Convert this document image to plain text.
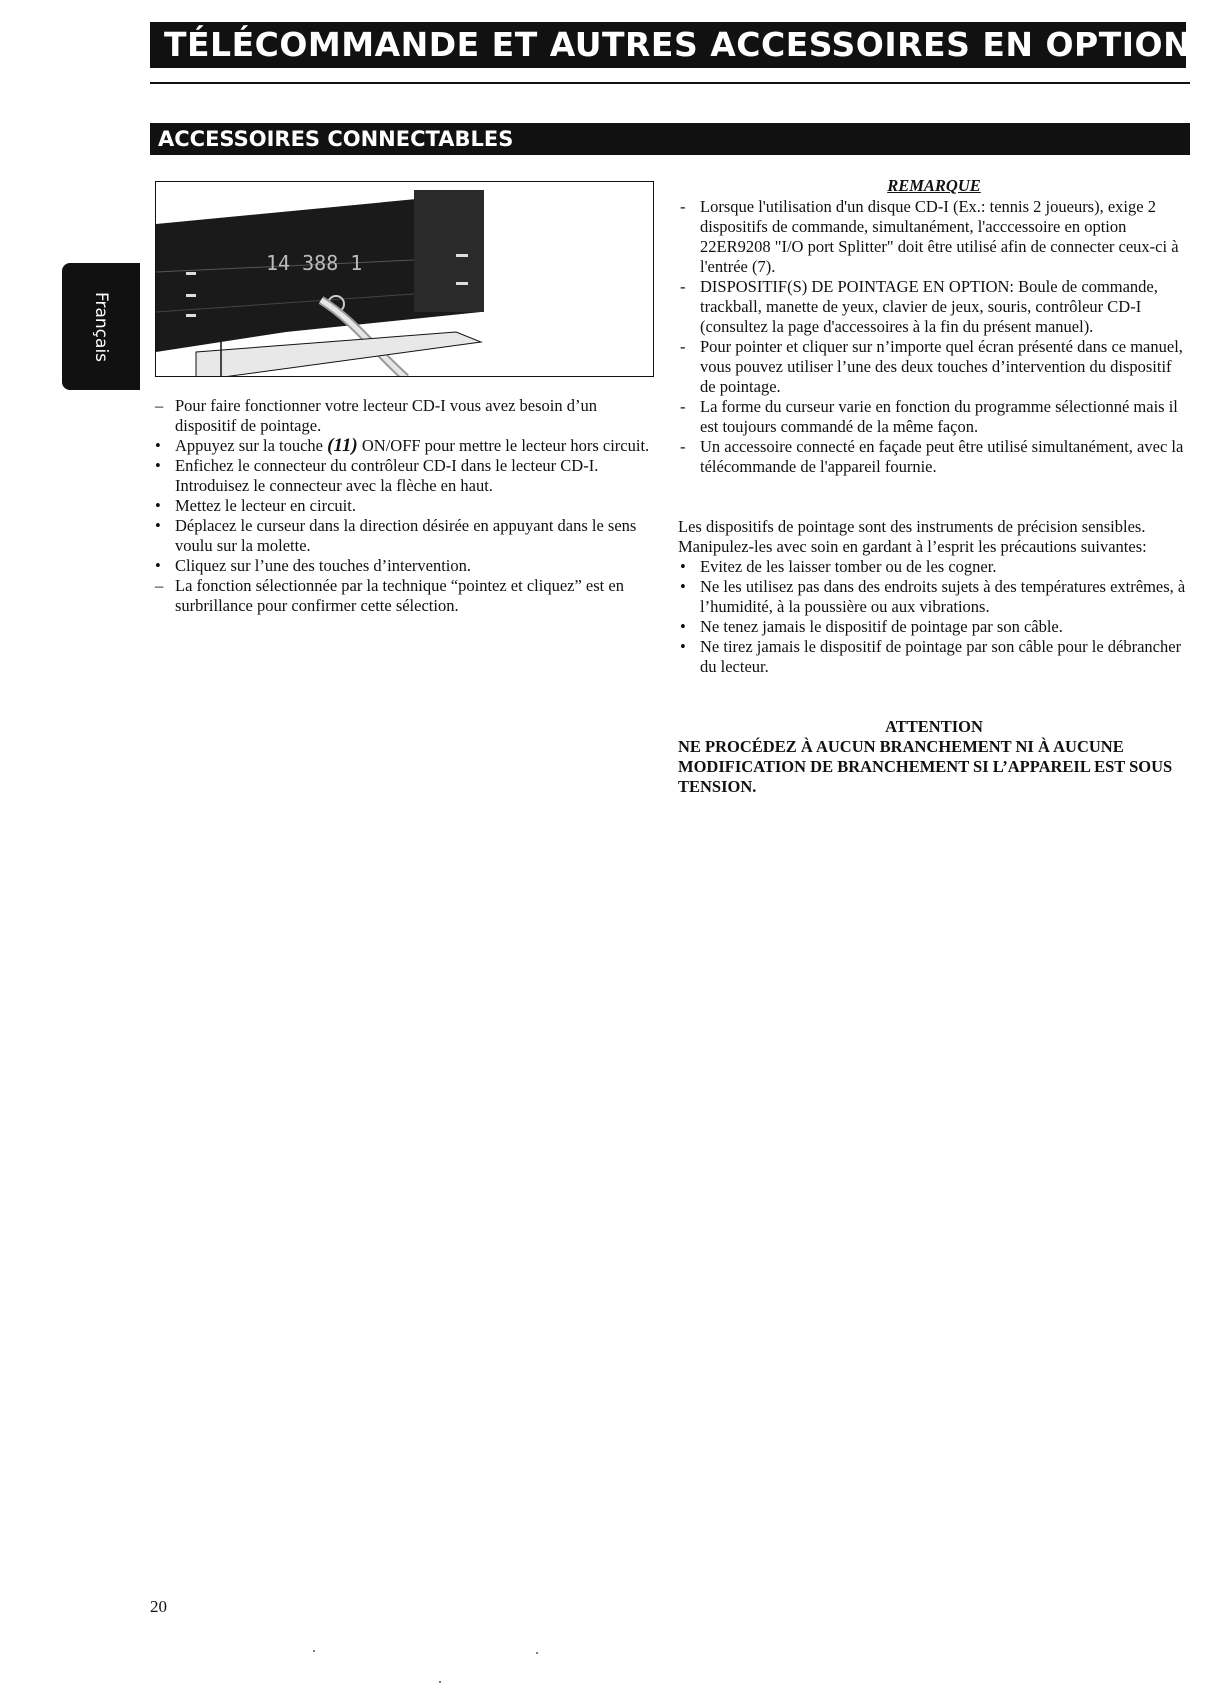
TÉLÉCOMMANDE ET AUTRES ACCESSOIRES EN OPTION
ACCESSOIRES CONNECTABLES
Français
14 388 1
– Pour faire fonctionner votre lecteur CD-I vous avez besoin d’un dispositif de pointage.
• Appuyez sur la touche (11) ON/OFF pour mettre le lecteur hors circuit.
• Enfichez le connecteur du contrôleur CD-I dans le lecteur CD-I. Introduisez le connecteur avec la flèche en haut.
• Mettez le lecteur en circuit.
• Déplacez le curseur dans la direction désirée en appuyant dans le sens voulu sur la molette.
• Cliquez sur l’une des touches d’intervention.
– La fonction sélectionnée par la technique “pointez et cliquez” est en surbrillance pour confirmer cette sélection.
REMARQUE
- Lorsque l'utilisation d'un disque CD-I (Ex.: tennis 2 joueurs), exige 2 dispositifs de commande, simultanément, l'acccessoire en option 22ER9208 "I/O port Splitter" doit être utilisé afin de connecter ceux-ci à l'entrée (7).
- DISPOSITIF(S) DE POINTAGE EN OPTION: Boule de commande, trackball, manette de yeux, clavier de jeux, souris, contrôleur CD-I (consultez la page d'accessoires à la fin du présent manuel).
- Pour pointer et cliquer sur n’importe quel écran présenté dans ce manuel, vous pouvez utiliser l’une des deux touches d’intervention du dispositif de pointage.
- La forme du curseur varie en fonction du programme sélectionné mais il est toujours commandé de la même façon.
- Un accessoire connecté en façade peut être utilisé simultanément, avec la télécommande de l'appareil fournie.

Les dispositifs de pointage sont des instruments de précision sensibles. Manipulez-les avec soin en gardant à l’esprit les précautions suivantes:

• Evitez de les laisser tomber ou de les cogner.
• Ne les utilisez pas dans des endroits sujets à des températures extrêmes, à l’humidité, à la poussière ou aux vibrations.
• Ne tenez jamais le dispositif de pointage par son câble.
• Ne tirez jamais le dispositif de pointage par son câble pour le débrancher du lecteur.
ATTENTION
NE PROCÉDEZ À AUCUN BRANCHEMENT NI À AUCUNE MODIFICATION DE BRANCHEMENT SI L’APPAREIL EST SOUS TENSION.
20
